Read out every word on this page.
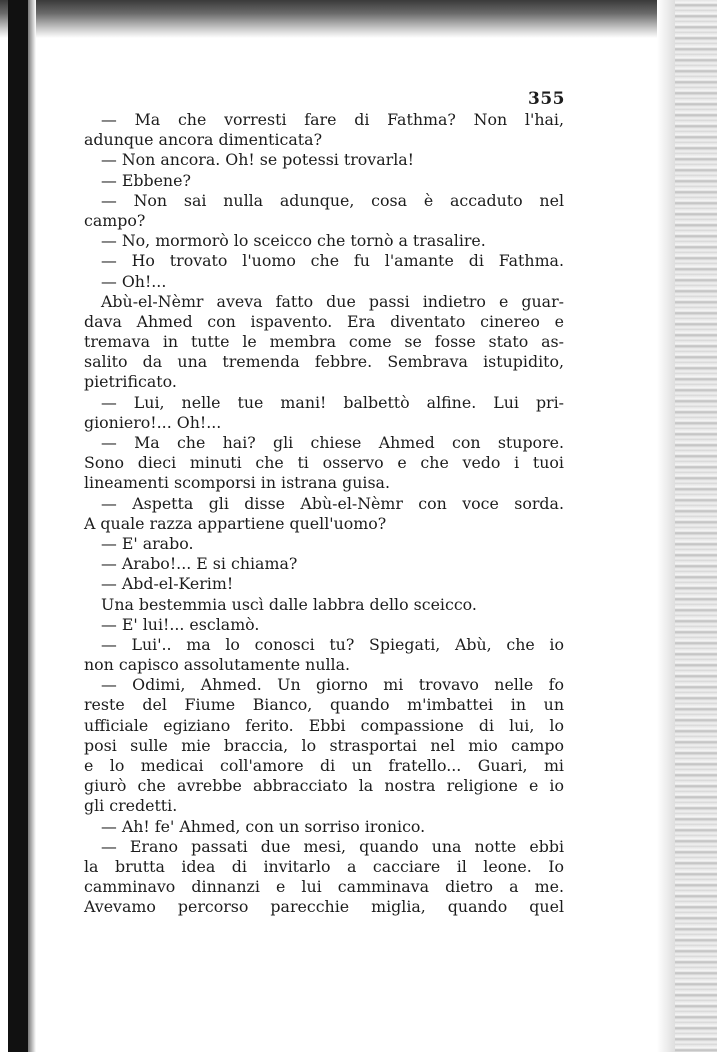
355
— Ma che vorresti fare di Fathma? Non l'hai,
adunque ancora dimenticata?
— Non ancora. Oh! se potessi trovarla!
— Ebbene?
— Non sai nulla adunque, cosa è accaduto nel
campo?
— No, mormorò lo sceicco che tornò a trasalire.
— Ho trovato l'uomo che fu l'amante di Fathma.
— Oh!...
Abù-el-Nèmr aveva fatto due passi indietro e guar-
dava Ahmed con ispavento. Era diventato cinereo e
tremava in tutte le membra come se fosse stato as-
salito da una tremenda febbre. Sembrava istupidito,
pietrificato.
— Lui, nelle tue mani! balbettò alfine. Lui pri-
gioniero!... Oh!...
— Ma che hai? gli chiese Ahmed con stupore.
Sono dieci minuti che ti osservo e che vedo i tuoi
lineamenti scomporsi in istrana guisa.
— Aspetta gli disse Abù-el-Nèmr con voce sorda.
A quale razza appartiene quell'uomo?
— E' arabo.
— Arabo!... E si chiama?
— Abd-el-Kerim!
Una bestemmia uscì dalle labbra dello sceicco.
— E' lui!... esclamò.
— Lui'.. ma lo conosci tu? Spiegati, Abù, che io
non capisco assolutamente nulla.
— Odimi, Ahmed. Un giorno mi trovavo nelle fo
reste del Fiume Bianco, quando m'imbattei in un
ufficiale egiziano ferito. Ebbi compassione di lui, lo
posi sulle mie braccia, lo strasportai nel mio campo
e lo medicai coll'amore di un fratello... Guari, mi
giurò che avrebbe abbracciato la nostra religione e io
gli credetti.
— Ah! fe' Ahmed, con un sorriso ironico.
— Erano passati due mesi, quando una notte ebbi
la brutta idea di invitarlo a cacciare il leone. Io
camminavo dinnanzi e lui camminava dietro a me.
Avevamo percorso parecchie miglia, quando quel
